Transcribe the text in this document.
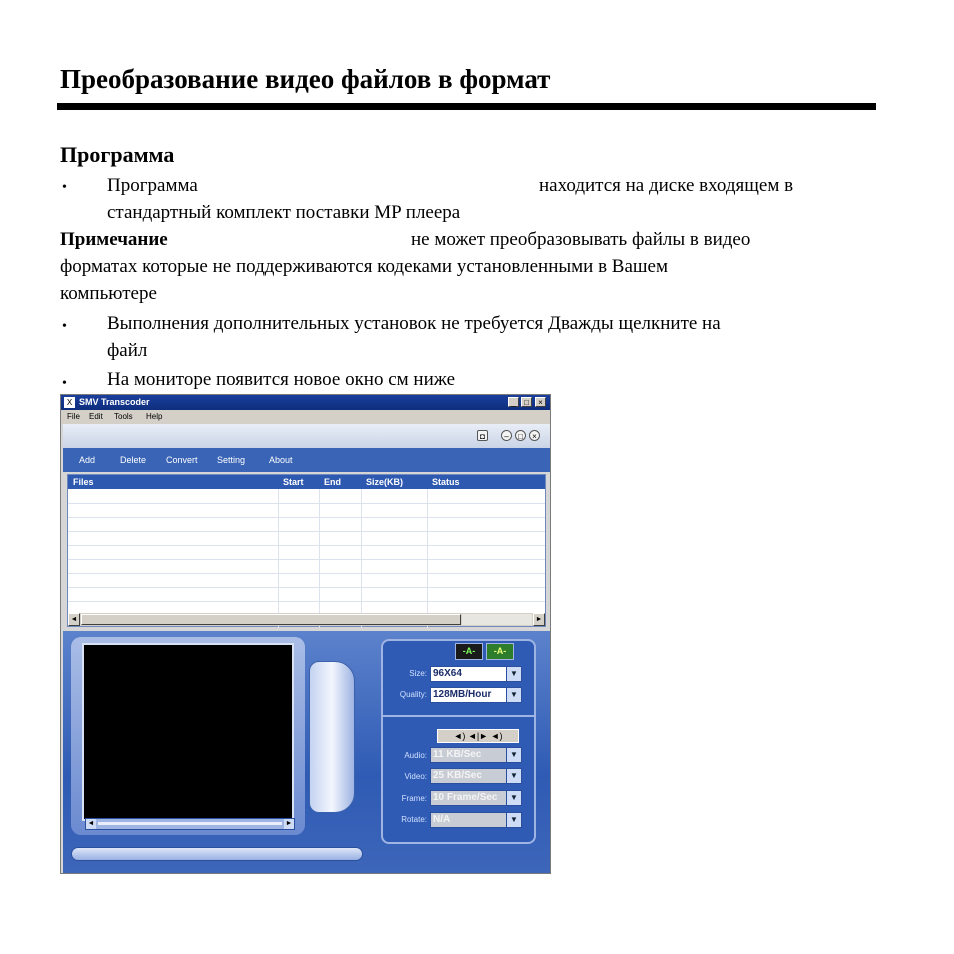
Преобразование видео файлов в формат
Программа
• Программа	находится на диске входящем в
стандартный комплект поставки MP плеера
Примечание	не может преобразовывать файлы в видео
форматах которые не поддерживаются кодеками установленными в Вашем
компьютере
• Выполнения дополнительных установок не требуется Дважды щелкните на
файл
• На мониторе появится новое окно см ниже
X SMV Transcoder	_	□	×
File Edit Tools Help
◘	–	□	×
Add	Delete Convert Setting	About
Files	Start End	Size(KB)	Status
◄	►
◄	►
-A-	-A-
Size: 96X64	▼
Quality: 128MB/Hour	▼
◄) ◄|► ◄)
Audio: 11 KB/Sec	▼
Video: 25 KB/Sec	▼
Frame: 10 Frame/Sec	▼
Rotate: N/A	▼
